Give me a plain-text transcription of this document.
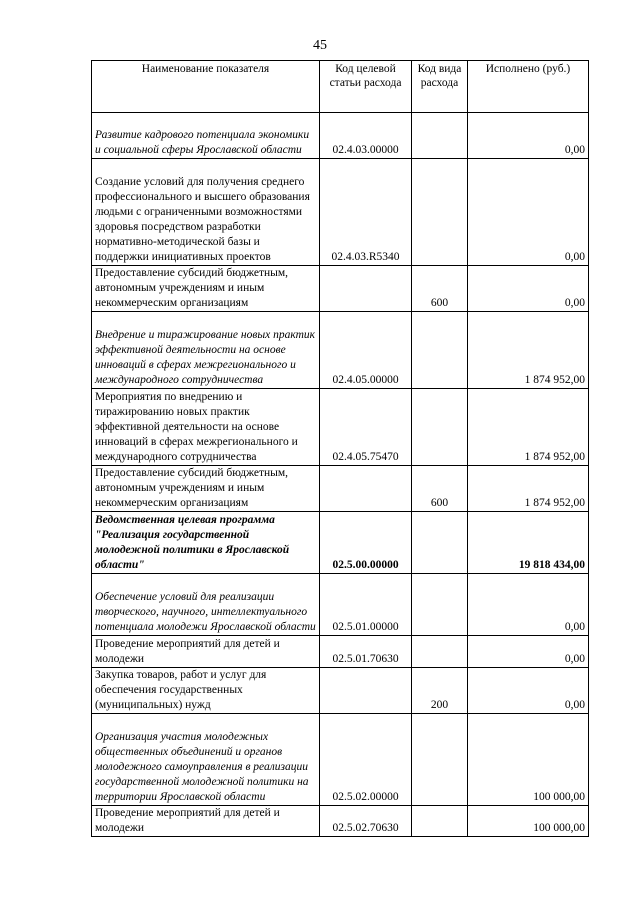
45
Наименование показателя	Код целевой статьи расхода	Код вида расхода	Исполнено (руб.)
Развитие кадрового потенциала экономики и социальной сферы Ярославской области	02.4.03.00000		0,00
Создание условий для получения среднего профессионального и высшего образования людьми с ограниченными возможностями здоровья посредством разработки нормативно-методической базы и поддержки инициативных проектов	02.4.03.R5340		0,00
Предоставление субсидий бюджетным, автономным учреждениям и иным некоммерческим организациям		600	0,00
Внедрение и тиражирование новых практик эффективной деятельности на основе инноваций в сферах межрегионального и международного сотрудничества	02.4.05.00000		1 874 952,00
Мероприятия по внедрению и тиражированию новых практик эффективной деятельности на основе инноваций в сферах межрегионального и международного сотрудничества	02.4.05.75470		1 874 952,00
Предоставление субсидий бюджетным, автономным учреждениям и иным некоммерческим организациям		600	1 874 952,00
Ведомственная целевая программа "Реализация государственной молодежной политики в Ярославской области"	02.5.00.00000		19 818 434,00
Обеспечение условий для реализации творческого, научного, интеллектуального потенциала молодежи Ярославской области	02.5.01.00000		0,00
Проведение мероприятий для детей и молодежи	02.5.01.70630		0,00
Закупка товаров, работ и услуг для обеспечения государственных (муниципальных) нужд		200	0,00
Организация участия молодежных общественных объединений и органов молодежного самоуправления в реализации государственной молодежной политики на территории Ярославской области	02.5.02.00000		100 000,00
Проведение мероприятий для детей и молодежи	02.5.02.70630		100 000,00
